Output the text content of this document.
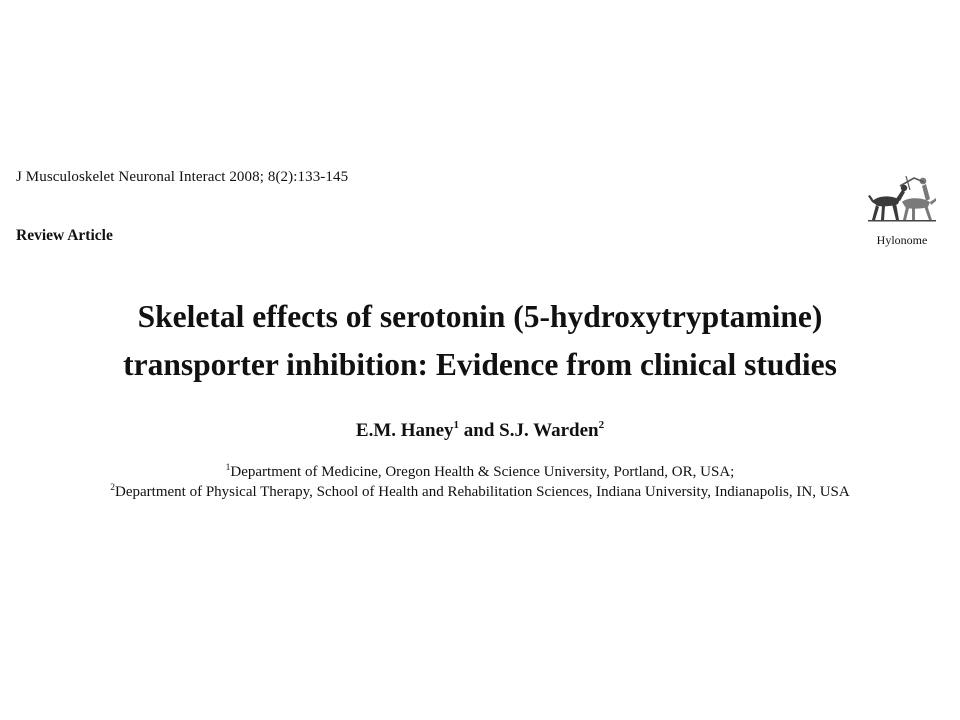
J Musculoskelet Neuronal Interact 2008; 8(2):133-145
Review Article	Hylonome
Skeletal effects of serotonin (5-hydroxytryptamine)
transporter inhibition: Evidence from clinical studies
E.M. Haney$^1$ and S.J. Warden$^2$
$^1$Department of Medicine, Oregon Health & Science University, Portland, OR, USA;
$^2$Department of Physical Therapy, School of Health and Rehabilitation Sciences, Indiana University, Indianapolis, IN, USA
